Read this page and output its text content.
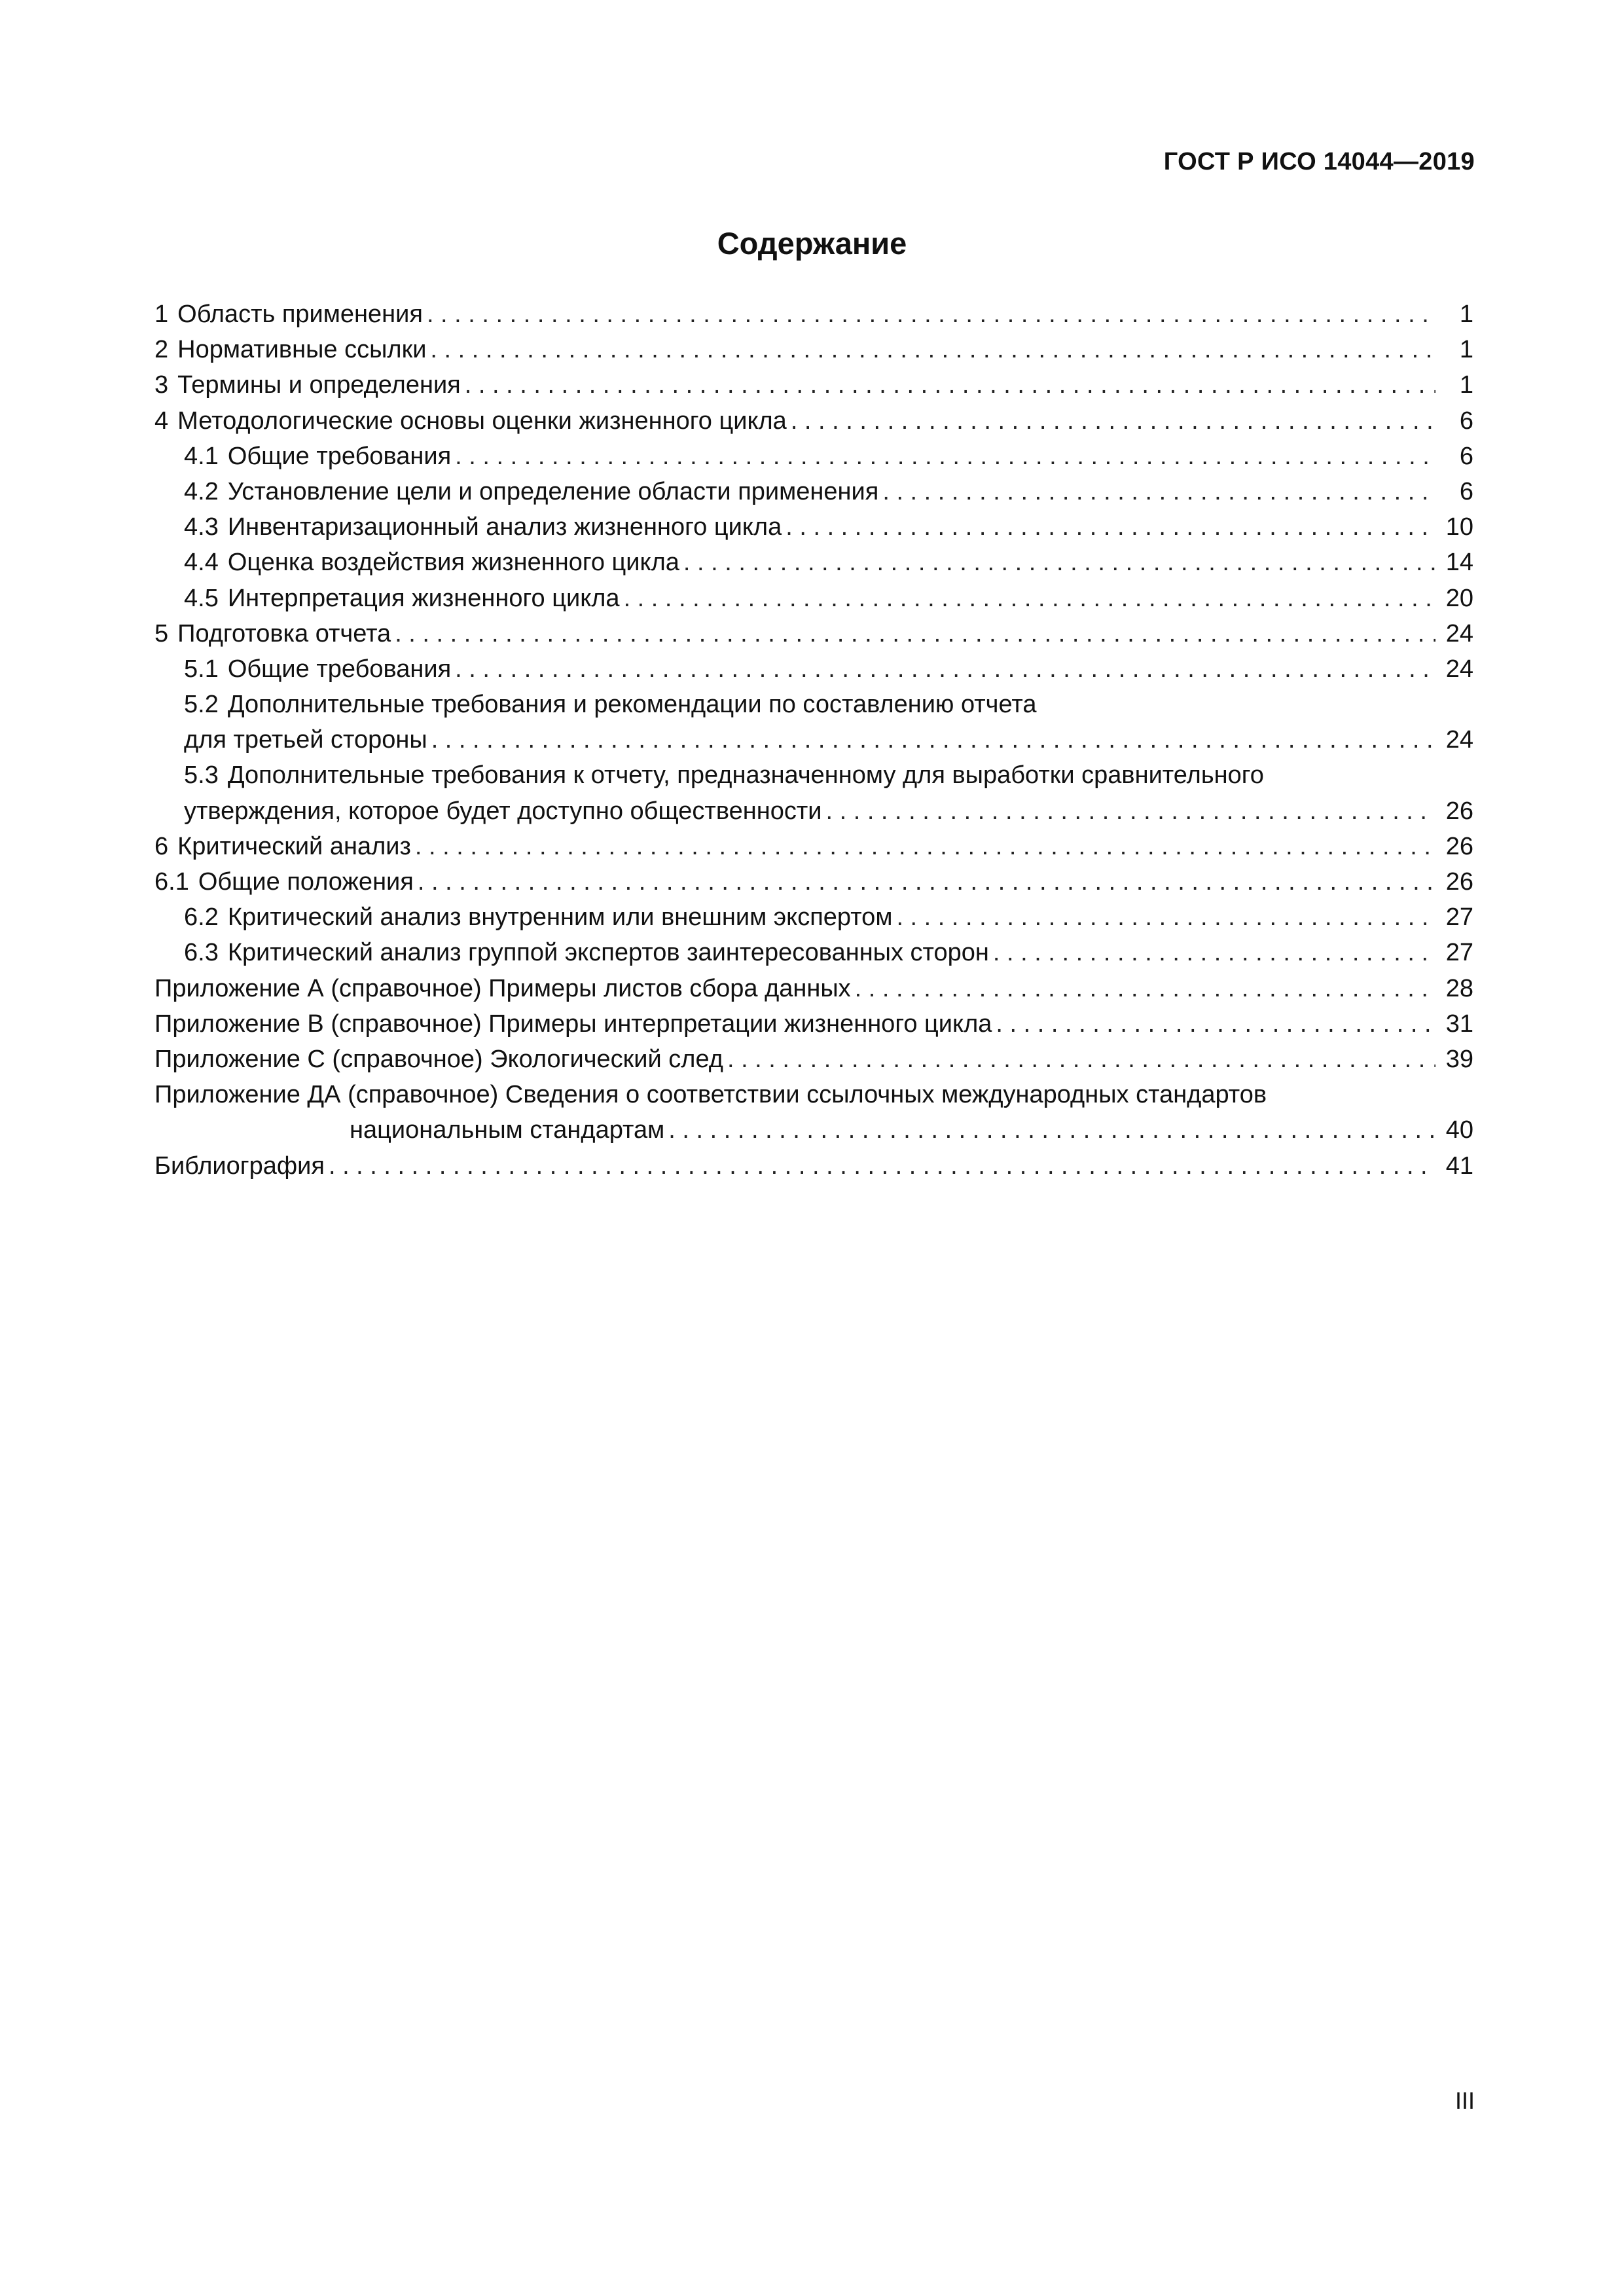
ГОСТ Р ИСО 14044—2019
Содержание
1 Область применения . . .	1
2 Нормативные ссылки . . .	1
3 Термины и определения . . .	1
4 Методологические основы оценки жизненного цикла . . .	6
4.1 Общие требования . . .	6
4.2 Установление цели и определение области применения . . .	6
4.3 Инвентаризационный анализ жизненного цикла . . .	10
4.4 Оценка воздействия жизненного цикла . . .	14
4.5 Интерпретация жизненного цикла . . .	20
5 Подготовка отчета . . .	24
5.1 Общие требования . . .	24
5.2 Дополнительные требования и рекомендации по составлению отчета
для третьей стороны . . .	24
5.3 Дополнительные требования к отчету, предназначенному для выработки сравнительного
утверждения, которое будет доступно общественности . . .	26
6 Критический анализ . . .	26
6.1 Общие положения . . .	26
6.2 Критический анализ внутренним или внешним экспертом . . .	27
6.3 Критический анализ группой экспертов заинтересованных сторон . . .	27
Приложение А (справочное) Примеры листов сбора данных . . .	28
Приложение В (справочное) Примеры интерпретации жизненного цикла . . .	31
Приложение С (справочное) Экологический след . . .	39
Приложение ДА (справочное) Сведения о соответствии ссылочных международных стандартов
национальным стандартам . . .	40
Библиография . . .	41
III
